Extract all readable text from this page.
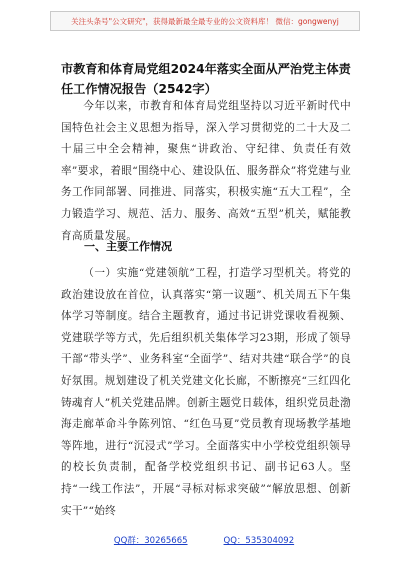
关注头条号"公文研究"，获得最新最全最专业的公文资料库！ 微信：gongwenyj
市教育和体育局党组2024年落实全面从严治党主体责任工作情况报告（2542字）
今年以来，市教育和体育局党组坚持以习近平新时代中国特色社会主义思想为指导，深入学习贯彻党的二十大及二十届三中全会精神，聚焦“讲政治、守纪律、负责任有效率”要求，着眼“围绕中心、建设队伍、服务群众”将党建与业务工作同部署、同推进、同落实，积极实施“五大工程”，全力锻造学习、规范、活力、服务、高效“五型”机关，赋能教育高质量发展。
一、主要工作情况
（一）实施“党建领航”工程，打造学习型机关。将党的政治建设放在首位，认真落实“第一议题”、机关周五下午集体学习等制度。结合主题教育，通过书记讲党课收看视频、党建联学等方式，先后组织机关集体学习23期，形成了领导干部“带头学”、业务科室“全面学”、结对共建“联合学”的良好氛围。规划建设了机关党建文化长廊，不断擦亮“三红四化铸魂育人”机关党建品牌。创新主题党日载体，组织党员赴渤海走廊革命斗争陈列馆、“红色马夏”党员教育现场教学基地等阵地，进行“沉浸式”学习。全面落实中小学校党组织领导的校长负责制，配备学校党组织书记、副书记63人。坚持“一线工作法”，开展“寻标对标求突破”“解放思想、创新实干”“始终
QQ群：30265665	QQ：535304092
